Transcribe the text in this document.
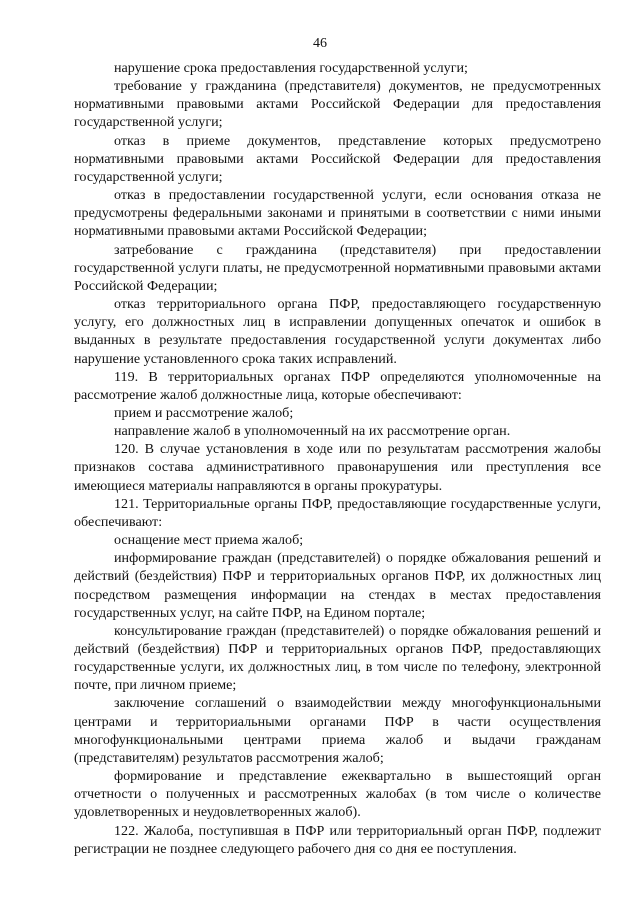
46

нарушение срока предоставления государственной услуги;

требование у гражданина (представителя) документов, не предусмотренных нормативными правовыми актами Российской Федерации для предоставления государственной услуги;

отказ в приеме документов, представление которых предусмотрено нормативными правовыми актами Российской Федерации для предоставления государственной услуги;

отказ в предоставлении государственной услуги, если основания отказа не предусмотрены федеральными законами и принятыми в соответствии с ними иными нормативными правовыми актами Российской Федерации;

затребование с гражданина (представителя) при предоставлении государственной услуги платы, не предусмотренной нормативными правовыми актами Российской Федерации;

отказ территориального органа ПФР, предоставляющего государственную услугу, его должностных лиц в исправлении допущенных опечаток и ошибок в выданных в результате предоставления государственной услуги документах либо нарушение установленного срока таких исправлений.

119. В территориальных органах ПФР определяются уполномоченные на рассмотрение жалоб должностные лица, которые обеспечивают:

прием и рассмотрение жалоб;

направление жалоб в уполномоченный на их рассмотрение орган.

120. В случае установления в ходе или по результатам рассмотрения жалобы признаков состава административного правонарушения или преступления все имеющиеся материалы направляются в органы прокуратуры.

121. Территориальные органы ПФР, предоставляющие государственные услуги, обеспечивают:

оснащение мест приема жалоб;

информирование граждан (представителей) о порядке обжалования решений и действий (бездействия) ПФР и территориальных органов ПФР, их должностных лиц посредством размещения информации на стендах в местах предоставления государственных услуг, на сайте ПФР, на Едином портале;

консультирование граждан (представителей) о порядке обжалования решений и действий (бездействия) ПФР и территориальных органов ПФР, предоставляющих государственные услуги, их должностных лиц, в том числе по телефону, электронной почте, при личном приеме;

заключение соглашений о взаимодействии между многофункциональными центрами и территориальными органами ПФР в части осуществления многофункциональными центрами приема жалоб и выдачи гражданам (представителям) результатов рассмотрения жалоб;

формирование и представление ежеквартально в вышестоящий орган отчетности о полученных и рассмотренных жалобах (в том числе о количестве удовлетворенных и неудовлетворенных жалоб).

122. Жалоба, поступившая в ПФР или территориальный орган ПФР, подлежит регистрации не позднее следующего рабочего дня со дня ее поступления.
